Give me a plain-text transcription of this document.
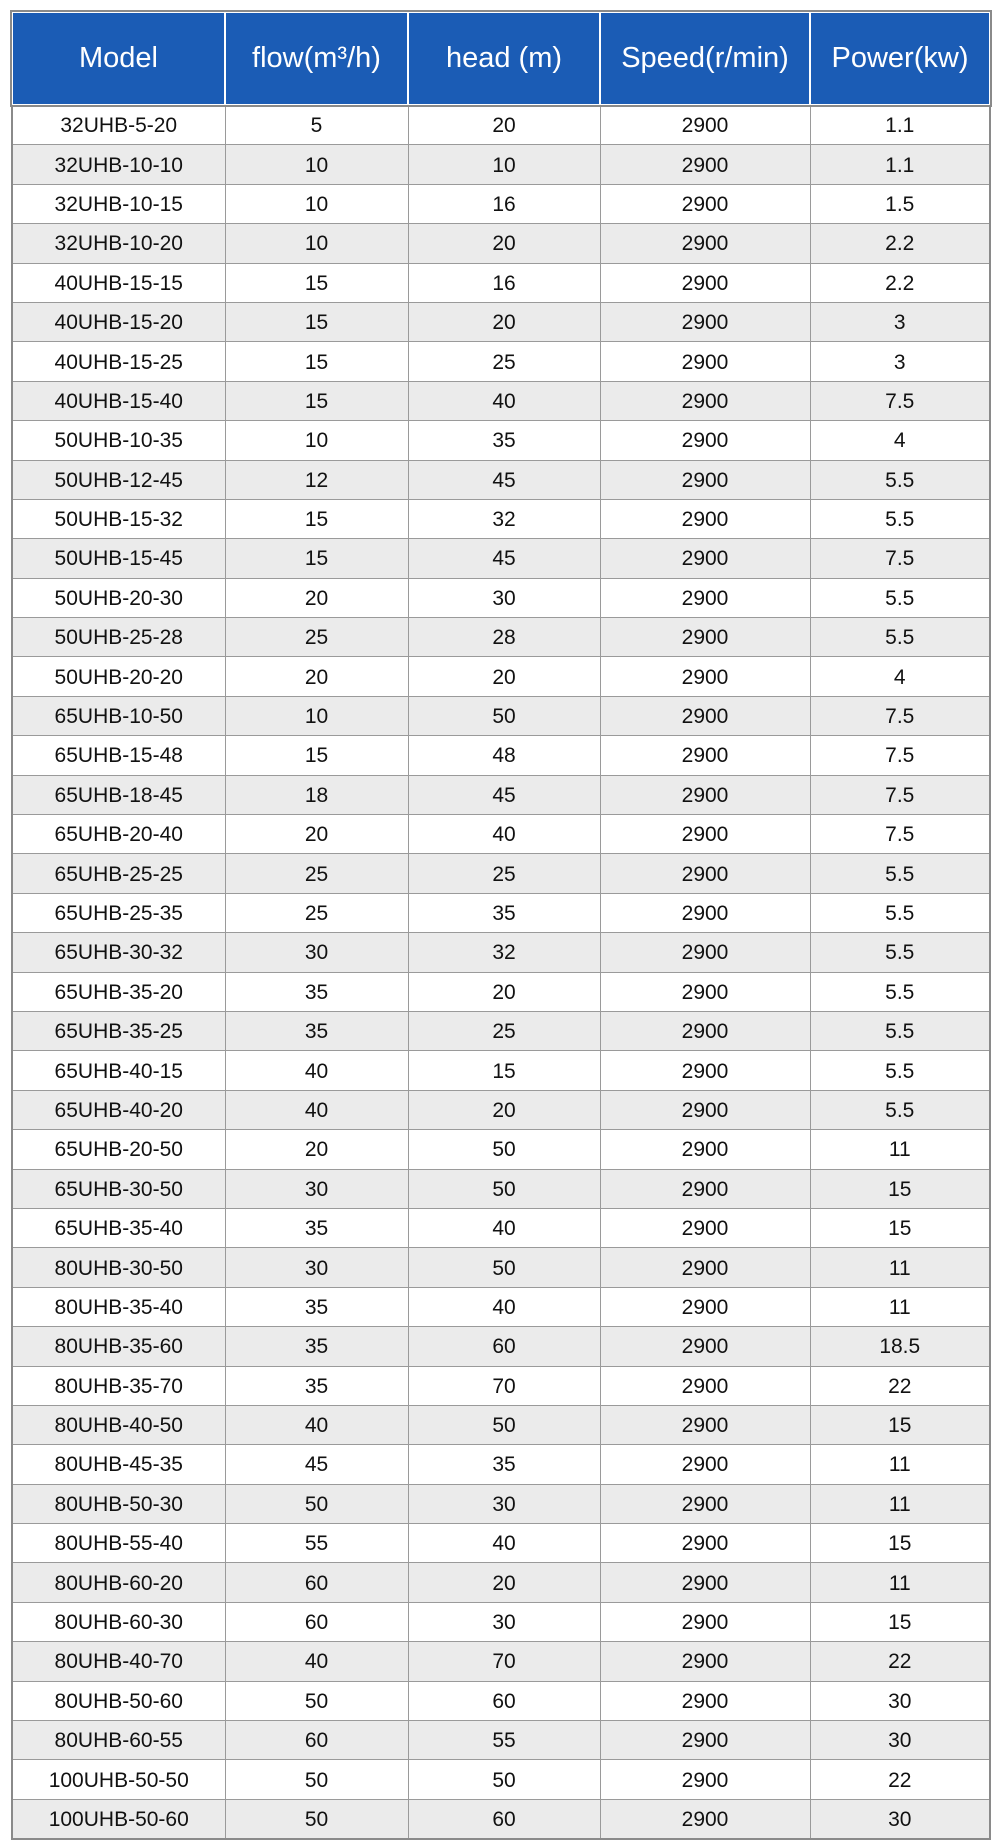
Model	flow(m³/h)	head (m)	Speed(r/min)	Power(kw)
32UHB-5-20	5	20	2900	1.1
32UHB-10-10	10	10	2900	1.1
32UHB-10-15	10	16	2900	1.5
32UHB-10-20	10	20	2900	2.2
40UHB-15-15	15	16	2900	2.2
40UHB-15-20	15	20	2900	3
40UHB-15-25	15	25	2900	3
40UHB-15-40	15	40	2900	7.5
50UHB-10-35	10	35	2900	4
50UHB-12-45	12	45	2900	5.5
50UHB-15-32	15	32	2900	5.5
50UHB-15-45	15	45	2900	7.5
50UHB-20-30	20	30	2900	5.5
50UHB-25-28	25	28	2900	5.5
50UHB-20-20	20	20	2900	4
65UHB-10-50	10	50	2900	7.5
65UHB-15-48	15	48	2900	7.5
65UHB-18-45	18	45	2900	7.5
65UHB-20-40	20	40	2900	7.5
65UHB-25-25	25	25	2900	5.5
65UHB-25-35	25	35	2900	5.5
65UHB-30-32	30	32	2900	5.5
65UHB-35-20	35	20	2900	5.5
65UHB-35-25	35	25	2900	5.5
65UHB-40-15	40	15	2900	5.5
65UHB-40-20	40	20	2900	5.5
65UHB-20-50	20	50	2900	11
65UHB-30-50	30	50	2900	15
65UHB-35-40	35	40	2900	15
80UHB-30-50	30	50	2900	11
80UHB-35-40	35	40	2900	11
80UHB-35-60	35	60	2900	18.5
80UHB-35-70	35	70	2900	22
80UHB-40-50	40	50	2900	15
80UHB-45-35	45	35	2900	11
80UHB-50-30	50	30	2900	11
80UHB-55-40	55	40	2900	15
80UHB-60-20	60	20	2900	11
80UHB-60-30	60	30	2900	15
80UHB-40-70	40	70	2900	22
80UHB-50-60	50	60	2900	30
80UHB-60-55	60	55	2900	30
100UHB-50-50	50	50	2900	22
100UHB-50-60	50	60	2900	30
